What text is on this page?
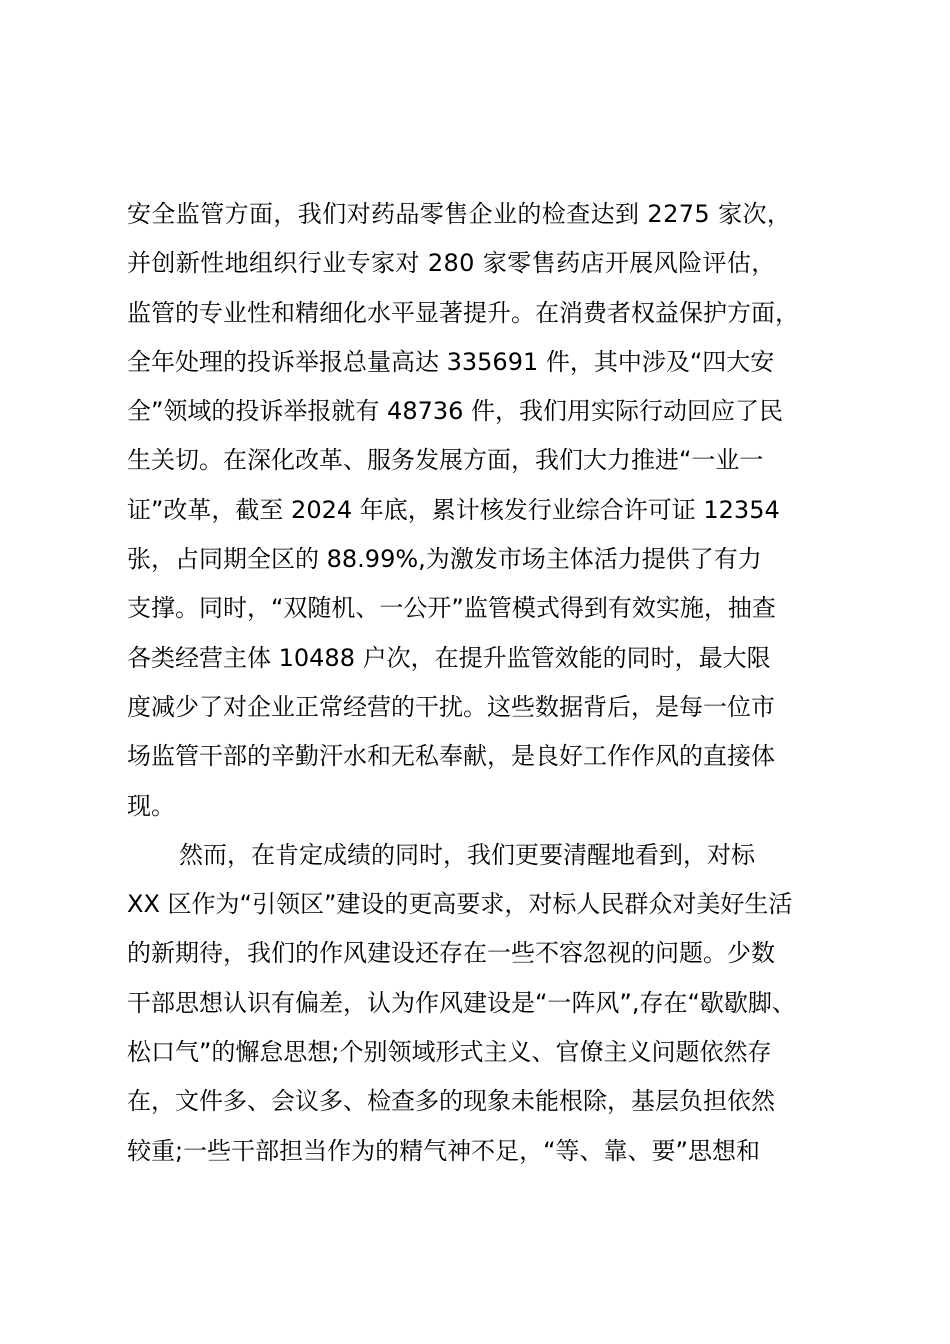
安全监管方面，我们对药品零售企业的检查达到 2275 家次，
并创新性地组织行业专家对 280 家零售药店开展风险评估，
监管的专业性和精细化水平显著提升。在消费者权益保护方面，
全年处理的投诉举报总量高达 335691 件，其中涉及“四大安
全”领域的投诉举报就有 48736 件，我们用实际行动回应了民
生关切。在深化改革、服务发展方面，我们大力推进“一业一
证”改革，截至 2024 年底，累计核发行业综合许可证 12354
张，占同期全区的 88.99%,为激发市场主体活力提供了有力
支撑。同时，“双随机、一公开”监管模式得到有效实施，抽查
各类经营主体 10488 户次，在提升监管效能的同时，最大限
度减少了对企业正常经营的干扰。这些数据背后，是每一位市
场监管干部的辛勤汗水和无私奉献，是良好工作作风的直接体
现。
然而，在肯定成绩的同时，我们更要清醒地看到，对标
XX 区作为“引领区”建设的更高要求，对标人民群众对美好生活
的新期待，我们的作风建设还存在一些不容忽视的问题。少数
干部思想认识有偏差，认为作风建设是“一阵风”,存在“歇歇脚、
松口气”的懈怠思想;个别领域形式主义、官僚主义问题依然存
在，文件多、会议多、检查多的现象未能根除，基层负担依然
较重;一些干部担当作为的精气神不足，“等、靠、要”思想和
